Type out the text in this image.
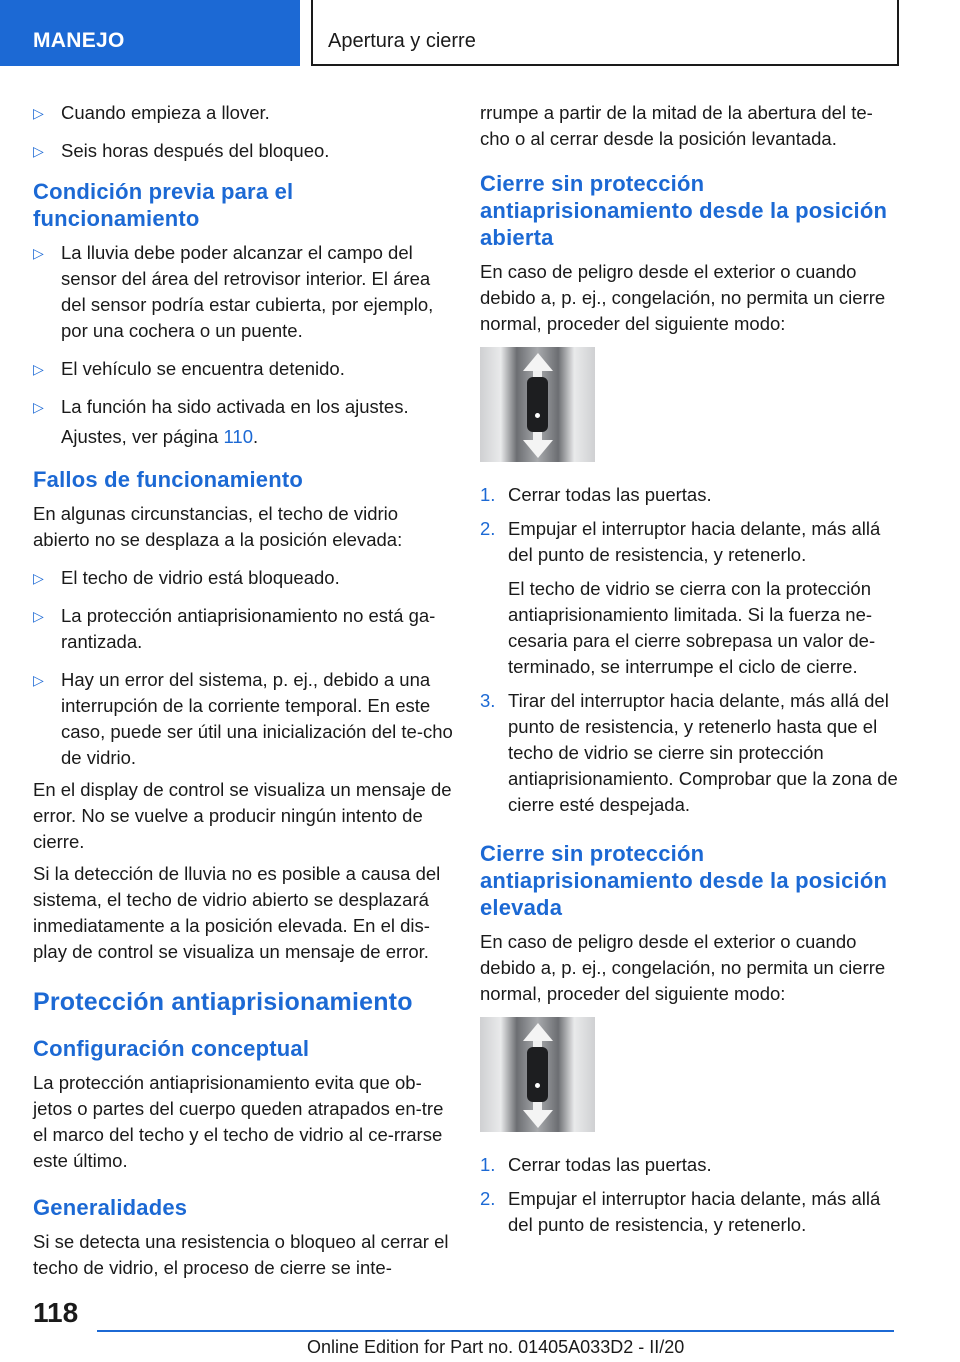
MANEJO	Apertura y cierre
▷ Cuando empieza a llover.
▷ Seis horas después del bloqueo.
Condición previa para el funcionamiento
▷ La lluvia debe poder alcanzar el campo del sensor del área del retrovisor interior. El área del sensor podría estar cubierta, por ejemplo, por una cochera o un puente.
▷ El vehículo se encuentra detenido.
▷ La función ha sido activada en los ajustes.
Ajustes, ver página 110.
Fallos de funcionamiento

En algunas circunstancias, el techo de vidrio abierto no se desplaza a la posición elevada:

▷ El techo de vidrio está bloqueado.
▷ La protección antiaprisionamiento no está ga-rantizada.
▷ Hay un error del sistema, p. ej., debido a una interrupción de la corriente temporal. En este caso, puede ser útil una inicialización del te-cho de vidrio.

En el display de control se visualiza un mensaje de error. No se vuelve a producir ningún intento de cierre.

Si la detección de lluvia no es posible a causa del sistema, el techo de vidrio abierto se desplazará inmediatamente a la posición elevada. En el dis-play de control se visualiza un mensaje de error.

Protección antiaprisionamiento
Configuración conceptual

La protección antiaprisionamiento evita que ob-jetos o partes del cuerpo queden atrapados en-tre el marco del techo y el techo de vidrio al ce-rrarse este último.

Generalidades

Si se detecta una resistencia o bloqueo al cerrar el techo de vidrio, el proceso de cierre se inte-

rrumpe a partir de la mitad de la abertura del te-cho o al cerrar desde la posición levantada.

Cierre sin protección antiaprisionamiento desde la posición abierta

En caso de peligro desde el exterior o cuando debido a, p. ej., congelación, no permita un cierre normal, proceder del siguiente modo:

1. Cerrar todas las puertas.
2. Empujar el interruptor hacia delante, más allá del punto de resistencia, y retenerlo.
El techo de vidrio se cierra con la protección antiaprisionamiento limitada. Si la fuerza ne-cesaria para el cierre sobrepasa un valor de-terminado, se interrumpe el ciclo de cierre.
3. Tirar del interruptor hacia delante, más allá del punto de resistencia, y retenerlo hasta que el techo de vidrio se cierre sin protección antiaprisionamiento. Comprobar que la zona de cierre esté despejada.
Cierre sin protección antiaprisionamiento desde la posición elevada

En caso de peligro desde el exterior o cuando debido a, p. ej., congelación, no permita un cierre normal, proceder del siguiente modo:

1. Cerrar todas las puertas.
2. Empujar el interruptor hacia delante, más allá del punto de resistencia, y retenerlo.
118
Online Edition for Part no. 01405A033D2 - II/20
